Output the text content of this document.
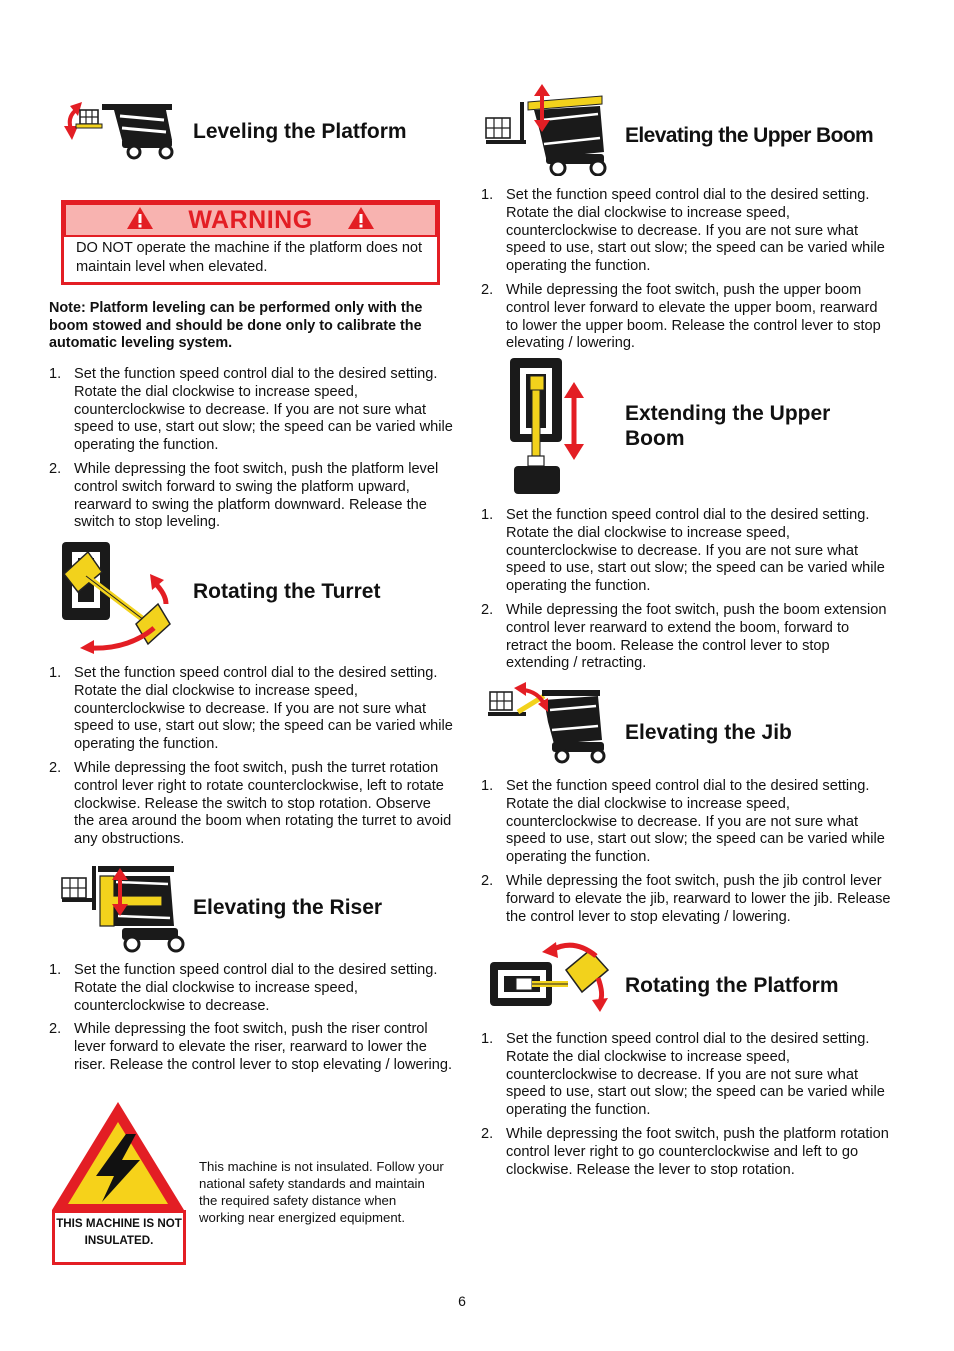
Leveling the Platform
WARNING
DO NOT operate the machine if the platform does not maintain level when elevated.
Note: Platform leveling can be performed only with the boom stowed and should be done only to calibrate the automatic leveling system.
1. Set the function speed control dial to the desired setting. Rotate the dial clockwise to increase speed, counterclockwise to decrease. If you are not sure what speed to use, start out slow; the speed can be varied while operating the function.
2. While depressing the foot switch, push the platform level control switch forward to swing the platform upward, rearward to swing the platform downward. Release the switch to stop leveling.
Rotating the Turret
1. Set the function speed control dial to the desired setting. Rotate the dial clockwise to increase speed, counterclockwise to decrease. If you are not sure what speed to use, start out slow; the speed can be varied while operating the function.
2. While depressing the foot switch, push the turret rotation control lever right to rotate counterclockwise, left to rotate clockwise. Release the switch to stop rotation. Observe the area around the boom when rotating the turret to avoid any obstructions.
Elevating the Riser
1. Set the function speed control dial to the desired setting. Rotate the dial clockwise to increase speed, counterclockwise to decrease.
2. While depressing the foot switch, push the riser control lever forward to elevate the riser, rearward to lower the riser. Release the control lever to stop elevating / lowering.
THIS MACHINE IS NOT INSULATED.
This machine is not insulated. Follow your national safety standards and maintain the required safety distance when working near energized equipment.
Elevating the Upper Boom
1. Set the function speed control dial to the desired setting. Rotate the dial clockwise to increase speed, counterclockwise to decrease. If you are not sure what speed to use, start out slow; the speed can be varied while operating the function.
2. While depressing the foot switch, push the upper boom control lever forward to elevate the upper boom, rearward to lower the upper boom. Release the control lever to stop elevating / lowering.
Extending the Upper Boom
1. Set the function speed control dial to the desired setting. Rotate the dial clockwise to increase speed, counterclockwise to decrease. If you are not sure what speed to use, start out slow; the speed can be varied while operating the function.
2. While depressing the foot switch, push the boom extension control lever rearward to extend the boom, forward to retract the boom. Release the control lever to stop extending / retracting.
Elevating the Jib
1. Set the function speed control dial to the desired setting. Rotate the dial clockwise to increase speed, counterclockwise to decrease. If you are not sure what speed to use, start out slow; the speed can be varied while operating the function.
2. While depressing the foot switch, push the jib control lever forward to elevate the jib, rearward to lower the jib. Release the control lever to stop elevating / lowering.
Rotating the Platform
1. Set the function speed control dial to the desired setting. Rotate the dial clockwise to increase speed, counterclockwise to decrease. If you are not sure what speed to use, start out slow; the speed can be varied while operating the function.
2. While depressing the foot switch, push the platform rotation control lever right to go counterclockwise and left to go clockwise. Release the lever to stop rotation.
6
